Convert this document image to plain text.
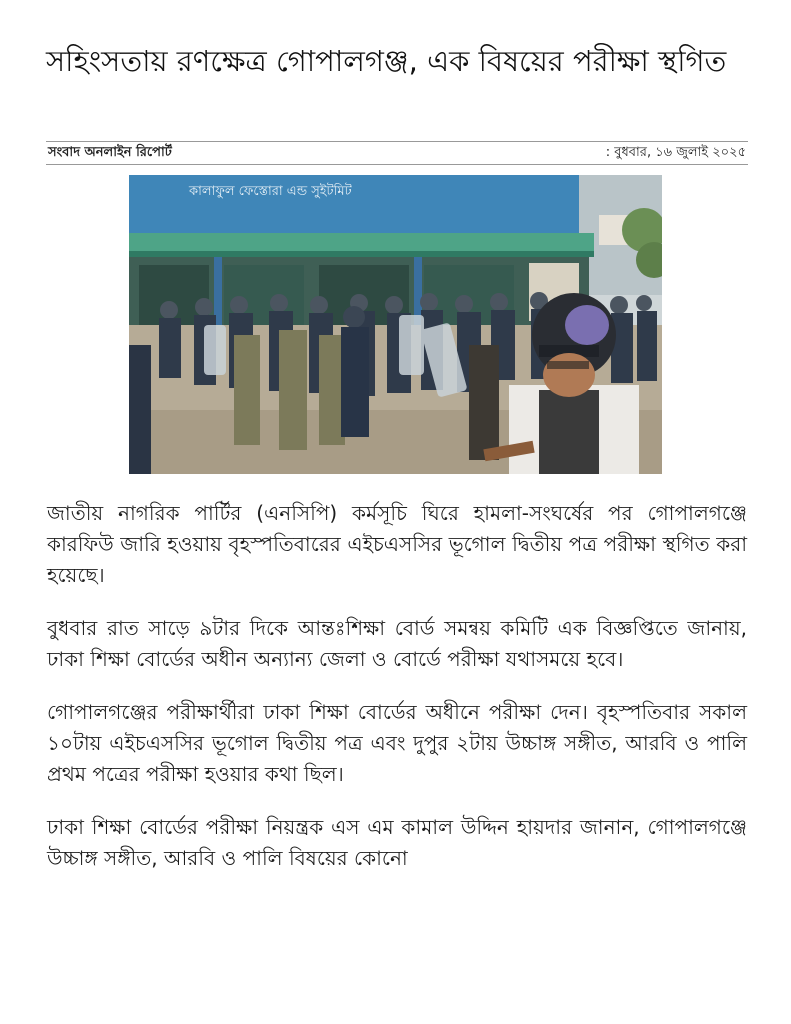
সহিংসতায় রণক্ষেত্র গোপালগঞ্জ, এক বিষয়ের পরীক্ষা স্থগিত
সংবাদ অনলাইন রিপোর্ট	: বুধবার, ১৬ জুলাই ২০২৫
কালাফুল ফেস্তোরা এন্ড সুইটমিট

জাতীয় নাগরিক পার্টির (এনসিপি) কর্মসূচি ঘিরে হামলা-সংঘর্ষের পর গোপালগঞ্জে কারফিউ জারি হওয়ায় বৃহস্পতিবারের এইচএসসির ভূগোল দ্বিতীয় পত্র পরীক্ষা স্থগিত করা হয়েছে।

বুধবার রাত সাড়ে ৯টার দিকে আন্তঃশিক্ষা বোর্ড সমন্বয় কমিটি এক বিজ্ঞপ্তিতে জানায়, ঢাকা শিক্ষা বোর্ডের অধীন অন্যান্য জেলা ও বোর্ডে পরীক্ষা যথাসময়ে হবে।

গোপালগঞ্জের পরীক্ষার্থীরা ঢাকা শিক্ষা বোর্ডের অধীনে পরীক্ষা দেন। বৃহস্পতিবার সকাল ১০টায় এইচএসসির ভূগোল দ্বিতীয় পত্র এবং দুপুর ২টায় উচ্চাঙ্গ সঙ্গীত, আরবি ও পালি প্রথম পত্রের পরীক্ষা হওয়ার কথা ছিল।

ঢাকা শিক্ষা বোর্ডের পরীক্ষা নিয়ন্ত্রক এস এম কামাল উদ্দিন হায়দার জানান, গোপালগঞ্জে উচ্চাঙ্গ সঙ্গীত, আরবি ও পালি বিষয়ের কোনো
